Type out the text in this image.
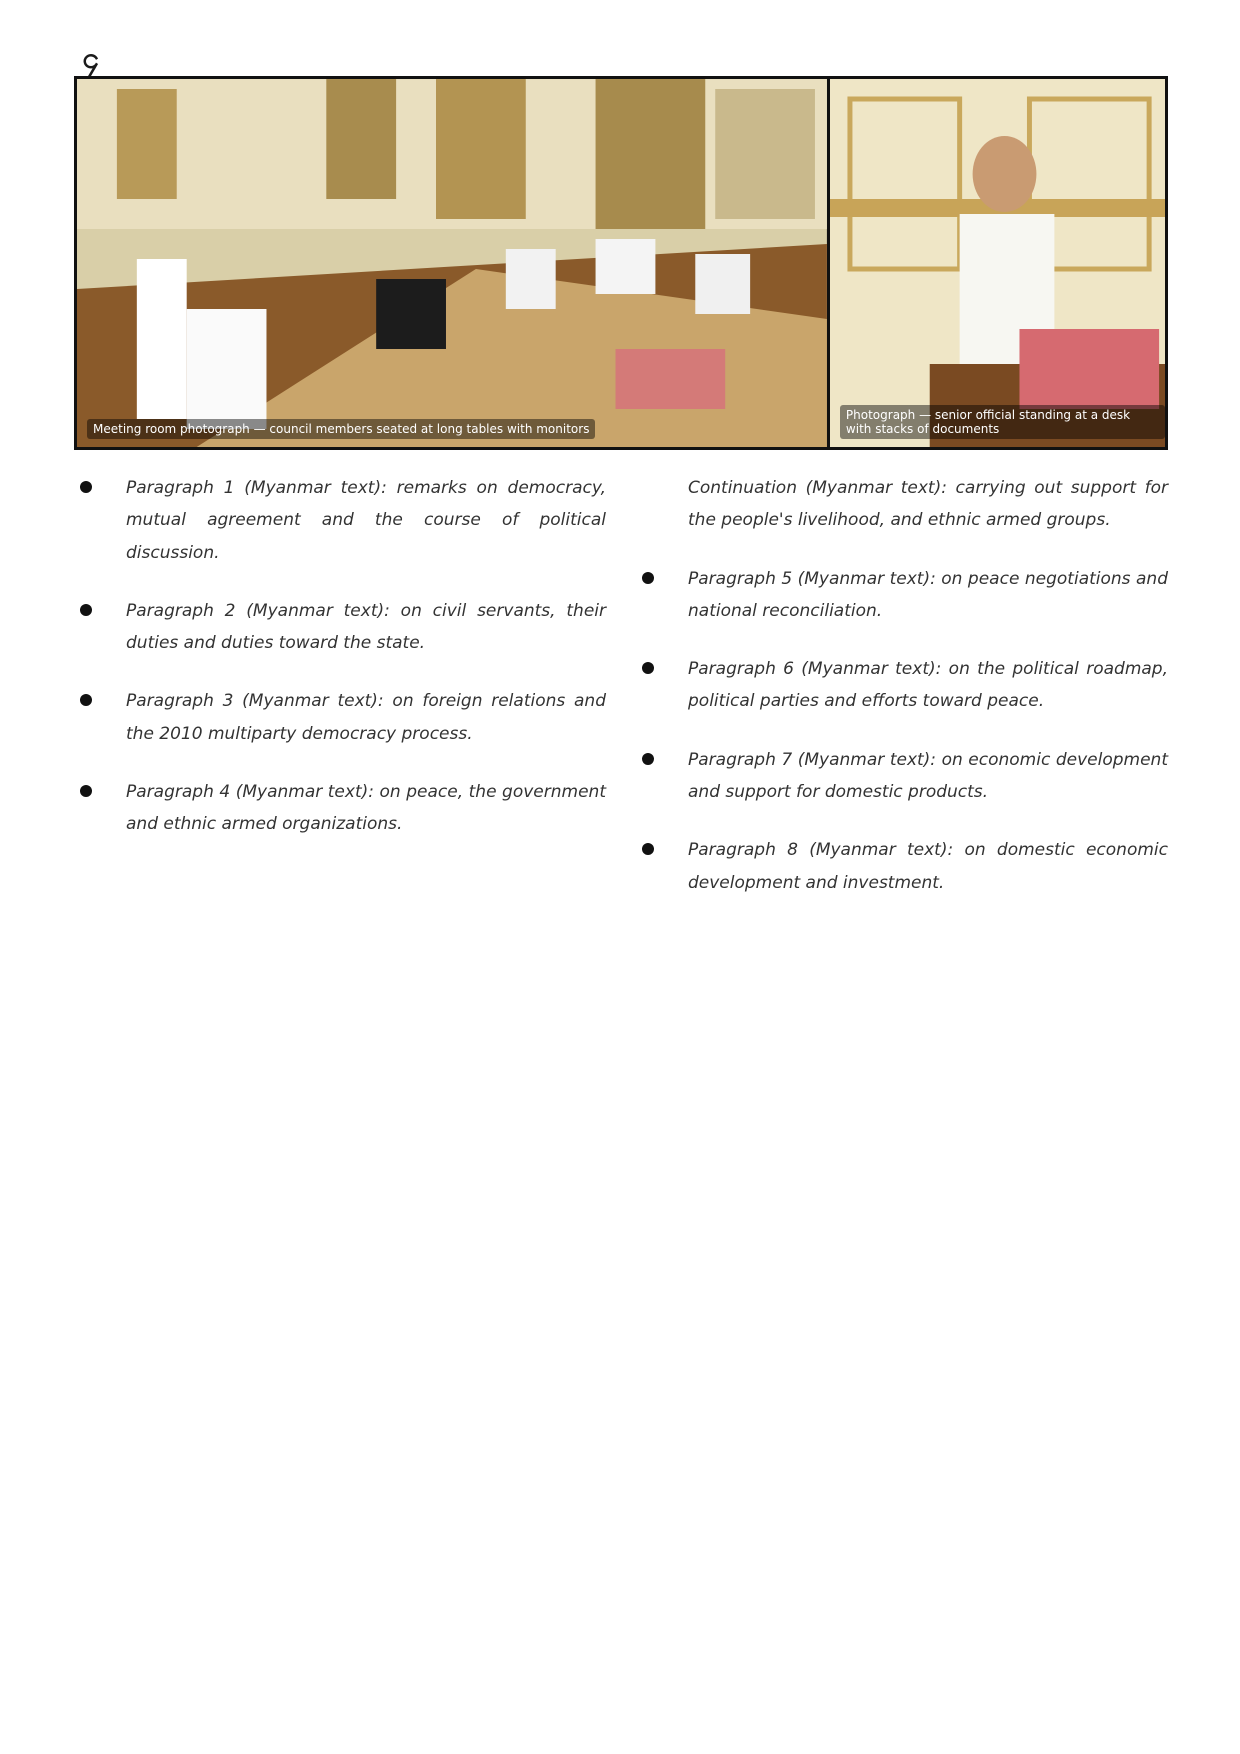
၄
Meeting room photograph — council members seated at long tables with monitors
Photograph — senior official standing at a desk with stacks of documents
Paragraph 1 (Myanmar text): remarks on democracy, mutual agreement and the course of political discussion.
Paragraph 2 (Myanmar text): on civil servants, their duties and duties toward the state.
Paragraph 3 (Myanmar text): on foreign relations and the 2010 multiparty democracy process.
Paragraph 4 (Myanmar text): on peace, the government and ethnic armed organizations.
Continuation (Myanmar text): carrying out support for the people's livelihood, and ethnic armed groups.
Paragraph 5 (Myanmar text): on peace negotiations and national reconciliation.
Paragraph 6 (Myanmar text): on the political roadmap, political parties and efforts toward peace.
Paragraph 7 (Myanmar text): on economic development and support for domestic products.
Paragraph 8 (Myanmar text): on domestic economic development and investment.
